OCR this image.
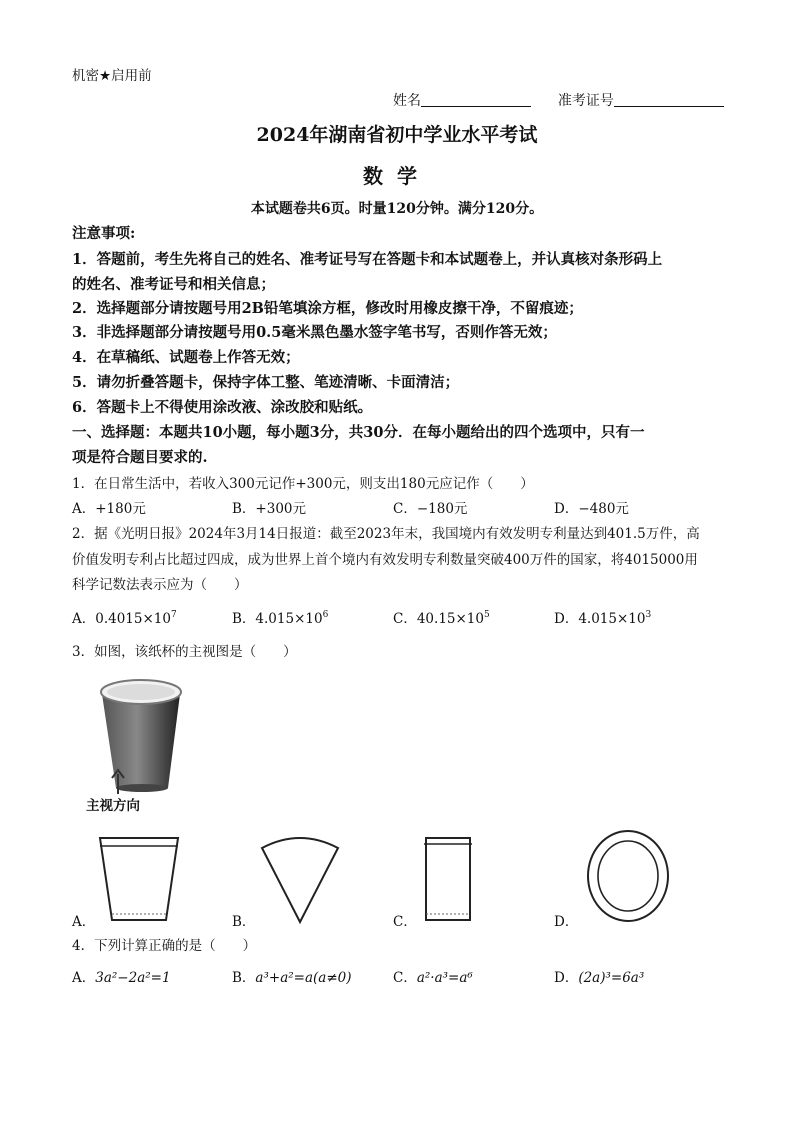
机密★启用前
姓名	准考证号
2024年湖南省初中学业水平考试
数学
本试题卷共6页。时量120分钟。满分120分。
注意事项:
1．答题前，考生先将自己的姓名、准考证号写在答题卡和本试题卷上，并认真核对条形码上
的姓名、准考证号和相关信息；
2．选择题部分请按题号用2B铅笔填涂方框，修改时用橡皮擦干净，不留痕迹；
3．非选择题部分请按题号用0.5毫米黑色墨水签字笔书写，否则作答无效；
4．在草稿纸、试题卷上作答无效；
5．请勿折叠答题卡，保持字体工整、笔迹清晰、卡面清洁；
6．答题卡上不得使用涂改液、涂改胶和贴纸。
一、选择题：本题共10小题，每小题3分，共30分．在每小题给出的四个选项中，只有一
项是符合题目要求的.
1．在日常生活中，若收入300元记作+300元，则支出180元应记作（　　）
A．+180元	B．+300元	C．−180元	D．−480元
2．据《光明日报》2024年3月14日报道：截至2023年末，我国境内有效发明专利量达到401.5万件，高
价值发明专利占比超过四成，成为世界上首个境内有效发明专利数量突破400万件的国家，将4015000用
科学记数法表示应为（　　）
A．$0.4015\times 10^7$	B．$4.015\times 10^6$	C．$40.15\times 10^5$	D．$4.015\times 10^3$
3．如图，该纸杯的主视图是（　　）
主视方向
A．	B．	C．	D．
4．下列计算正确的是（　　）
A．3a²−2a²=1	B．a³+a²=a(a≠0)	C．a²·a³=a⁶	D．(2a)³=6a³
